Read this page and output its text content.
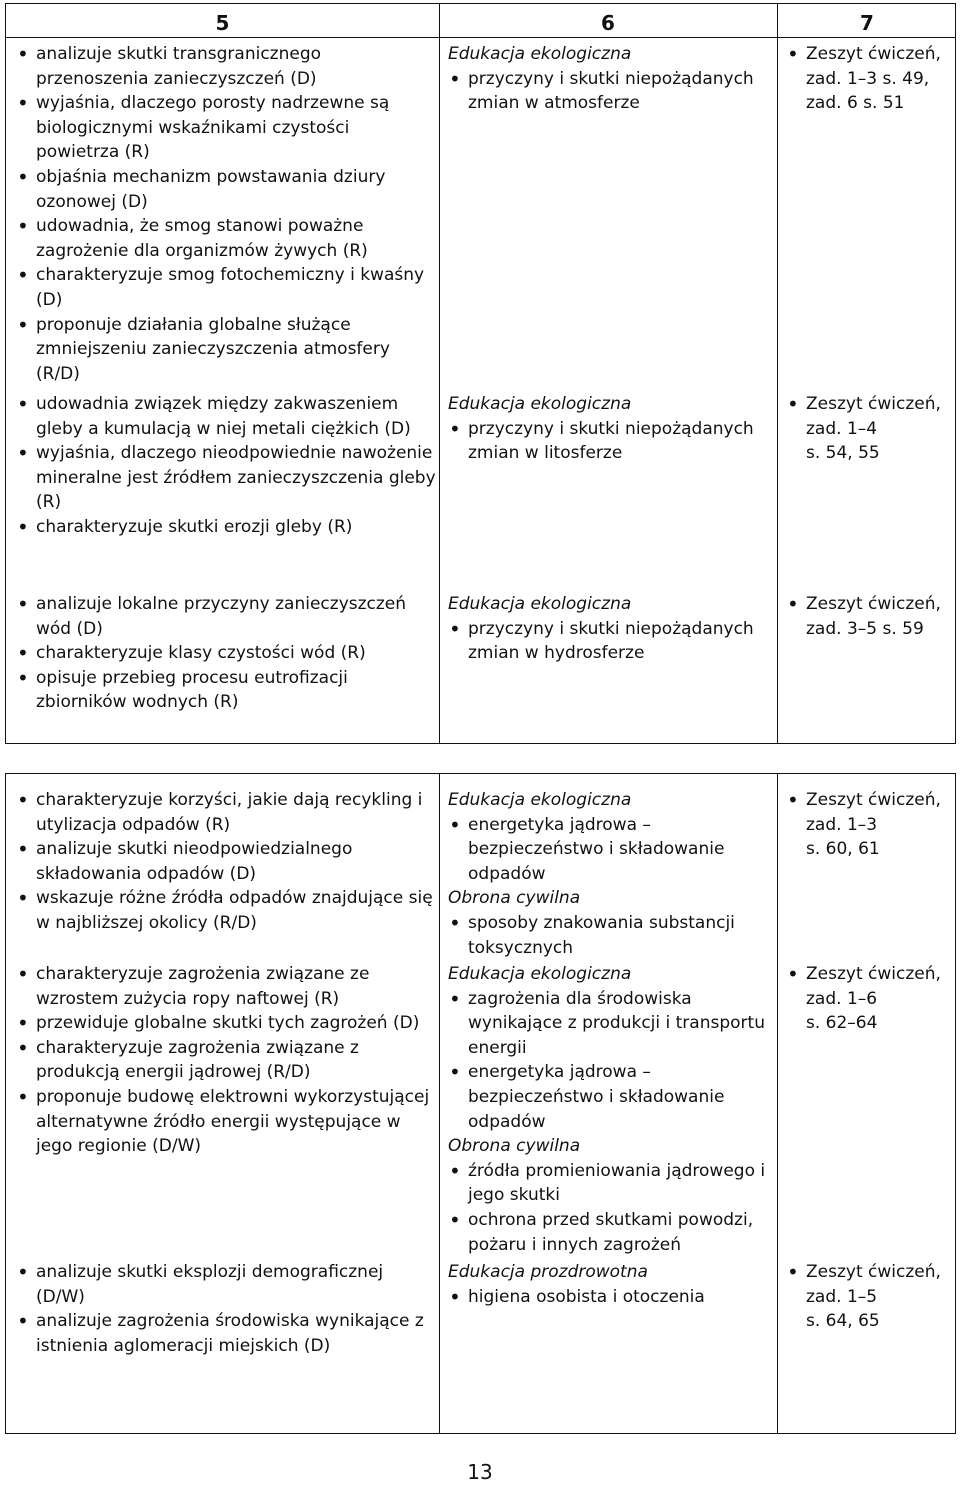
5	6	7
• analizuje skutki transgranicznego przenoszenia zanieczyszczeń (D)
• wyjaśnia, dlaczego porosty nadrzewne są biologicznymi wskaźnikami czystości powietrza (R)
• objaśnia mechanizm powstawania dziury ozonowej (D)
• udowadnia, że smog stanowi poważne zagrożenie dla organizmów żywych (R)
• charakteryzuje smog fotochemiczny i kwaśny (D)
• proponuje działania globalne służące zmniejszeniu zanieczyszczenia atmosfery (R/D)
Edukacja ekologiczna
• przyczyny i skutki niepożądanych zmian w atmosferze
• Zeszyt ćwiczeń,
zad. 1–3 s. 49,
zad. 6 s. 51
• udowadnia związek między zakwaszeniem gleby a kumulacją w niej metali ciężkich (D)
• wyjaśnia, dlaczego nieodpowiednie nawożenie mineralne jest źródłem zanieczyszczenia gleby (R)
• charakteryzuje skutki erozji gleby (R)
Edukacja ekologiczna
• przyczyny i skutki niepożądanych zmian w litosferze
• Zeszyt ćwiczeń,
zad. 1–4
s. 54, 55
• analizuje lokalne przyczyny zanieczyszczeń wód (D)
• charakteryzuje klasy czystości wód (R)
• opisuje przebieg procesu eutrofizacji zbiorników wodnych (R)
Edukacja ekologiczna
• przyczyny i skutki niepożądanych zmian w hydrosferze
• Zeszyt ćwiczeń,
zad. 3–5 s. 59
• charakteryzuje korzyści, jakie dają recykling i utylizacja odpadów (R)
• analizuje skutki nieodpowiedzialnego składowania odpadów (D)
• wskazuje różne źródła odpadów znajdujące się w najbliższej okolicy (R/D)
Edukacja ekologiczna
• energetyka jądrowa – bezpieczeństwo i składowanie odpadów
Obrona cywilna
• sposoby znakowania substancji toksycznych
• Zeszyt ćwiczeń,
zad. 1–3
s. 60, 61
• charakteryzuje zagrożenia związane ze wzrostem zużycia ropy naftowej (R)
• przewiduje globalne skutki tych zagrożeń (D)
• charakteryzuje zagrożenia związane z produkcją energii jądrowej (R/D)
• proponuje budowę elektrowni wykorzystującej alternatywne źródło energii występujące w jego regionie (D/W)
Edukacja ekologiczna
• zagrożenia dla środowiska wynikające z produkcji i transportu energii
• energetyka jądrowa – bezpieczeństwo i składowanie odpadów
Obrona cywilna
• źródła promieniowania jądrowego i jego skutki
• ochrona przed skutkami powodzi, pożaru i innych zagrożeń
• Zeszyt ćwiczeń,
zad. 1–6
s. 62–64
• analizuje skutki eksplozji demograficznej (D/W)
• analizuje zagrożenia środowiska wynikające z istnienia aglomeracji miejskich (D)
Edukacja prozdrowotna
• higiena osobista i otoczenia
• Zeszyt ćwiczeń,
zad. 1–5
s. 64, 65
13
